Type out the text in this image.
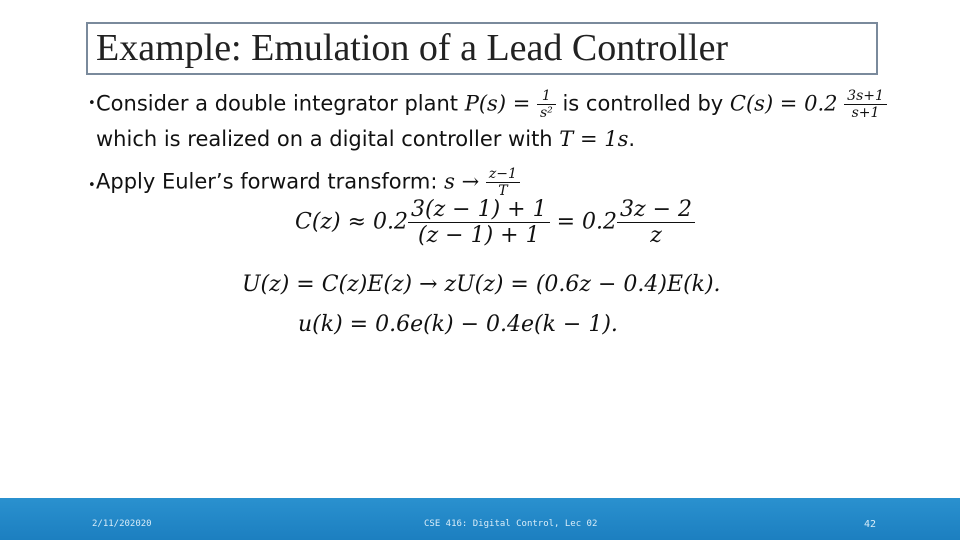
Example: Emulation of a Lead Controller
• Consider a double integrator plant $P(s) = \frac{1}{\text{s²}}$ is controlled by $C(s) = 0.2 \frac{3s+1}{s+1}$
which is realized on a digital controller with T = 1s.
• Apply Euler’s forward transform: $s \to \frac{z-1}{T}$
$C(z) \approx 0.2 \frac{3(z - 1) + 1}{(z - 1) + 1} = 0.2 \frac{3z - 2}{z}$
U(z) = C(z)E(z) → zU(z) = (0.6z − 0.4)E(k).
u(k) = 0.6e(k) − 0.4e(k − 1).
2/11/202020	CSE 416: Digital Control, Lec 02	42
